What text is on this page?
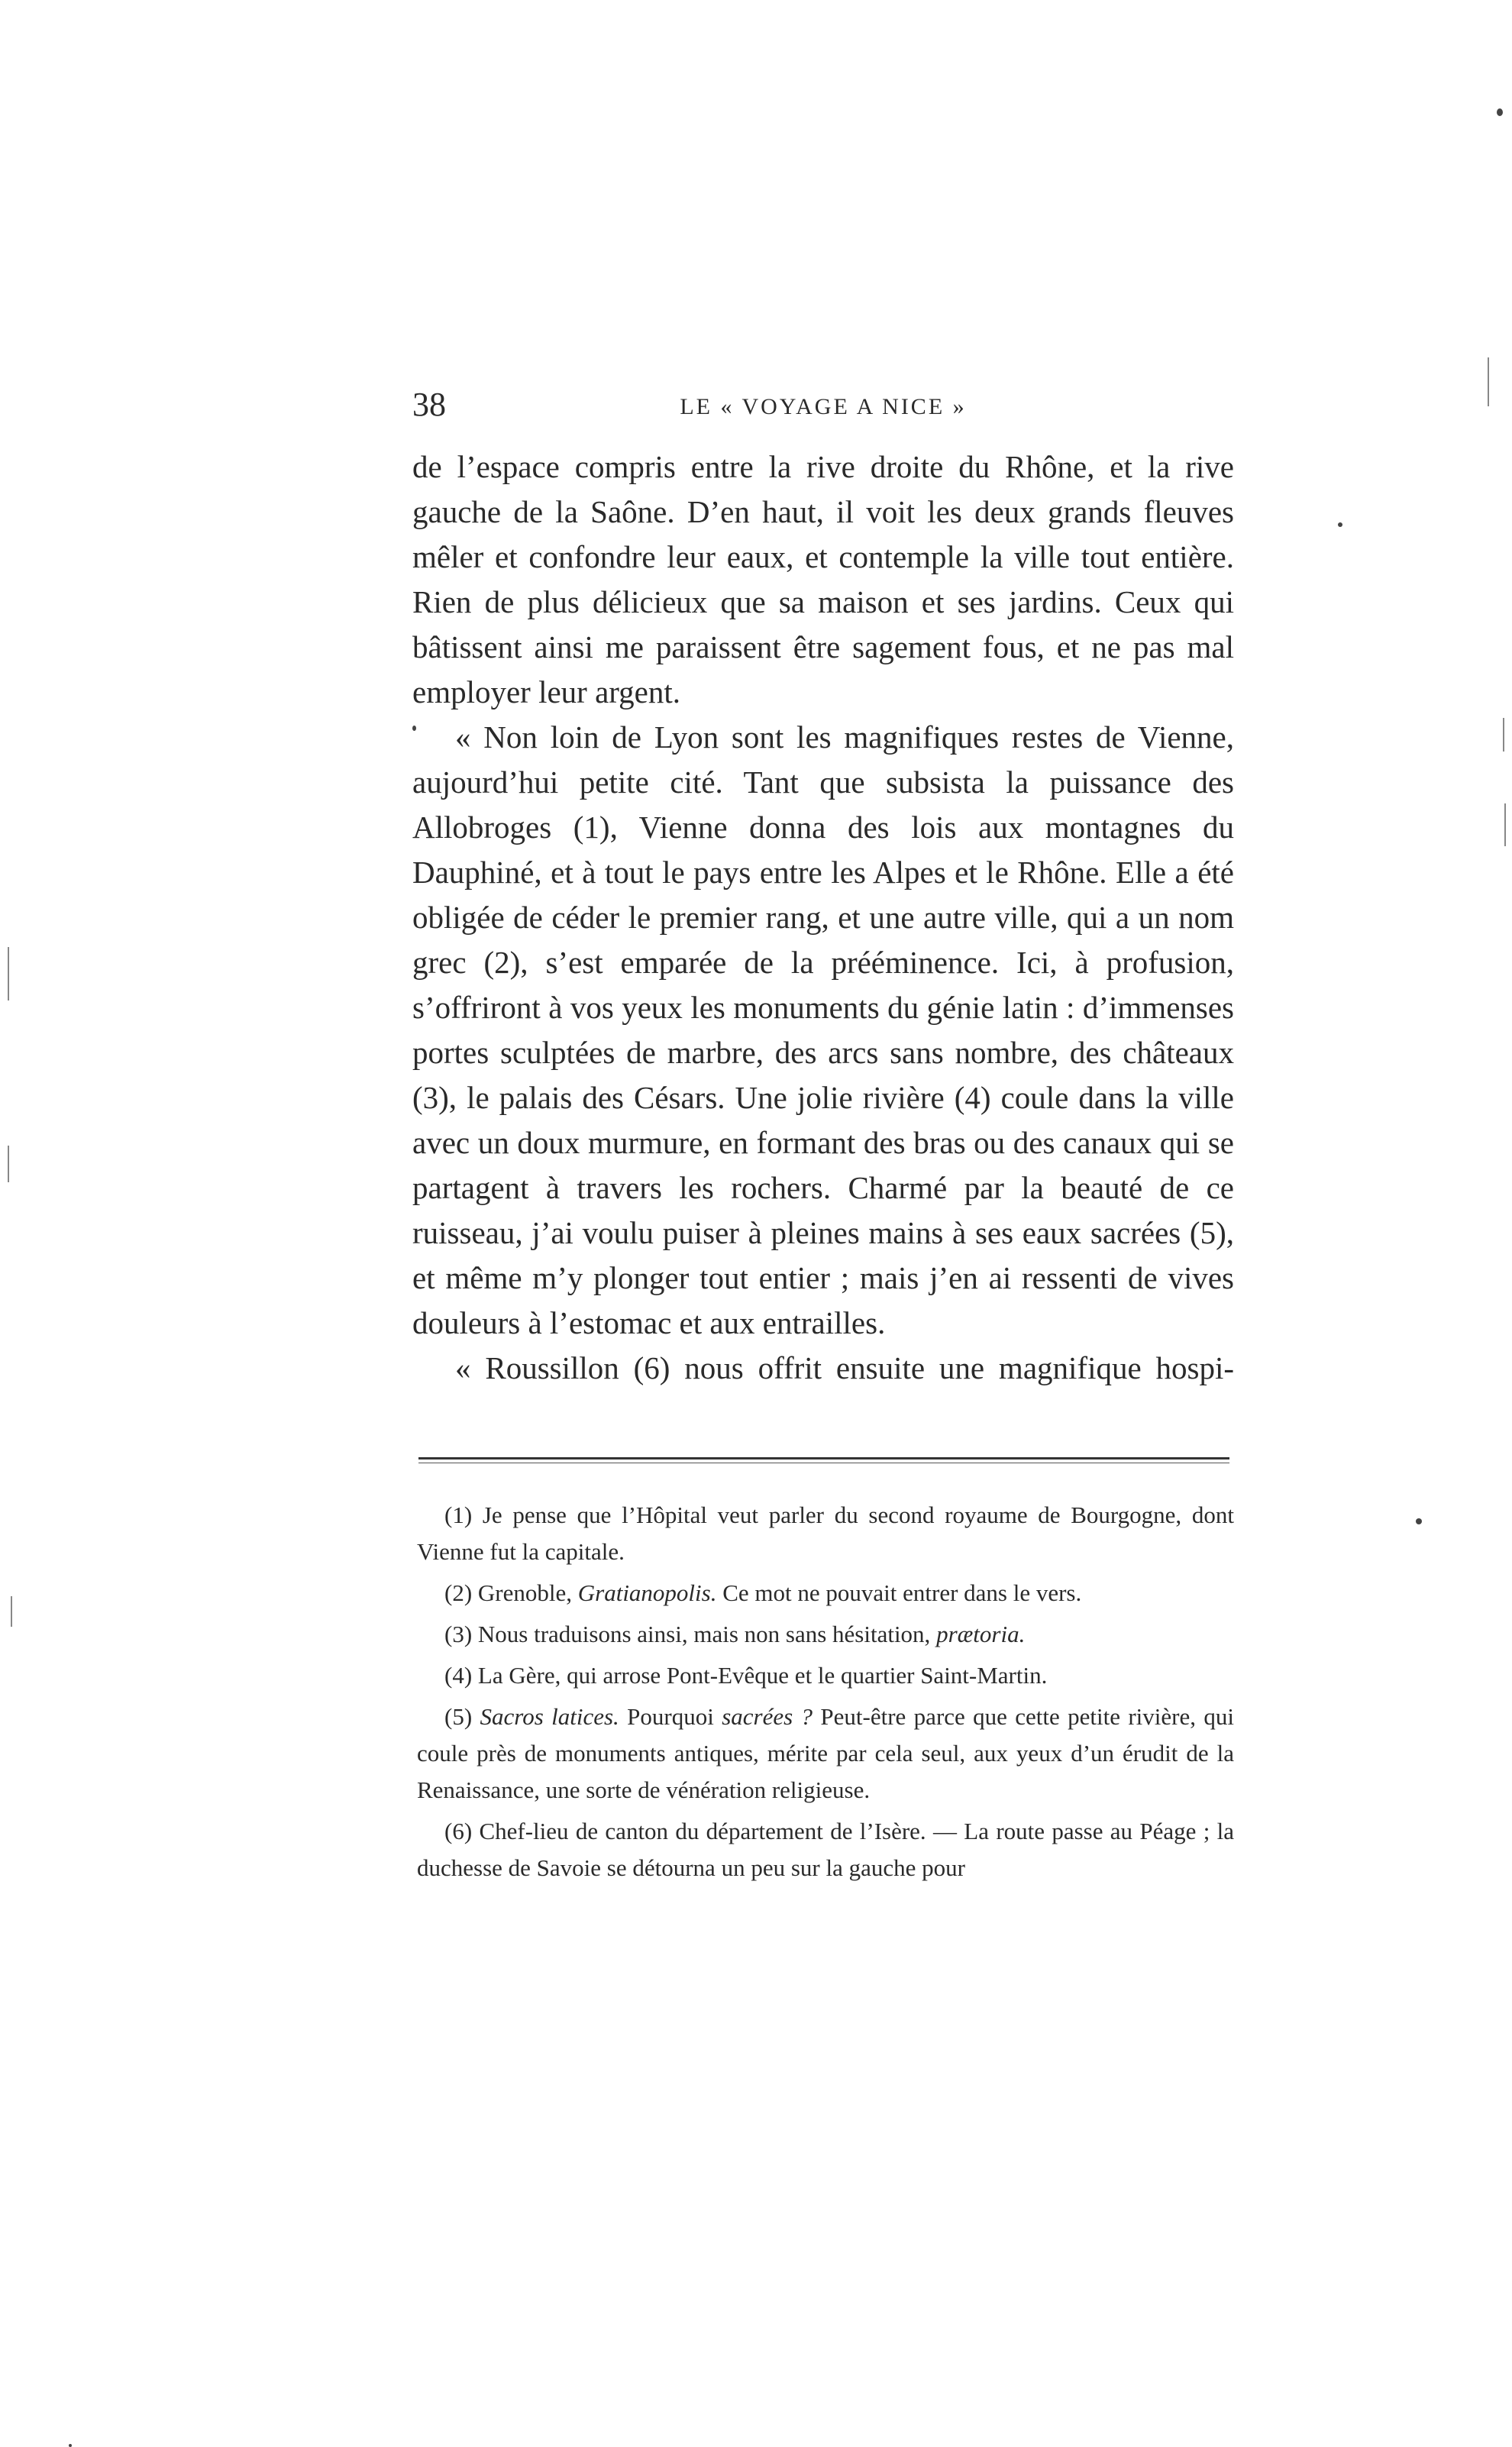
38	LE « VOYAGE A NICE »

de l’espace compris entre la rive droite du Rhône, et la rive gauche de la Saône. D’en haut, il voit les deux grands fleuves mêler et confondre leur eaux, et contemple la ville tout entière. Rien de plus délicieux que sa maison et ses jardins. Ceux qui bâtissent ainsi me paraissent être sagement fous, et ne pas mal employer leur argent.

« Non loin de Lyon sont les magnifiques restes de Vienne, aujourd’hui petite cité. Tant que subsista la puissance des Allobroges (1), Vienne donna des lois aux montagnes du Dauphiné, et à tout le pays entre les Alpes et le Rhône. Elle a été obligée de céder le premier rang, et une autre ville, qui a un nom grec (2), s’est emparée de la prééminence. Ici, à profusion, s’offriront à vos yeux les monuments du génie latin : d’immenses portes sculptées de marbre, des arcs sans nombre, des châteaux (3), le palais des Césars. Une jolie rivière (4) coule dans la ville avec un doux murmure, en formant des bras ou des canaux qui se partagent à travers les rochers. Charmé par la beauté de ce ruisseau, j’ai voulu puiser à pleines mains à ses eaux sacrées (5), et même m’y plonger tout entier ; mais j’en ai ressenti de vives douleurs à l’estomac et aux entrailles.

« Roussillon (6) nous offrit ensuite une magnifique hospi-

(1) Je pense que l’Hôpital veut parler du second royaume de Bourgogne, dont Vienne fut la capitale.

(2) Grenoble, Gratianopolis. Ce mot ne pouvait entrer dans le vers.

(3) Nous traduisons ainsi, mais non sans hésitation, prætoria.

(4) La Gère, qui arrose Pont-Evêque et le quartier Saint-Martin.

(5) Sacros latices. Pourquoi sacrées ? Peut-être parce que cette petite rivière, qui coule près de monuments antiques, mérite par cela seul, aux yeux d’un érudit de la Renaissance, une sorte de vénération religieuse.

(6) Chef-lieu de canton du département de l’Isère. — La route passe au Péage ; la duchesse de Savoie se détourna un peu sur la gauche pour
